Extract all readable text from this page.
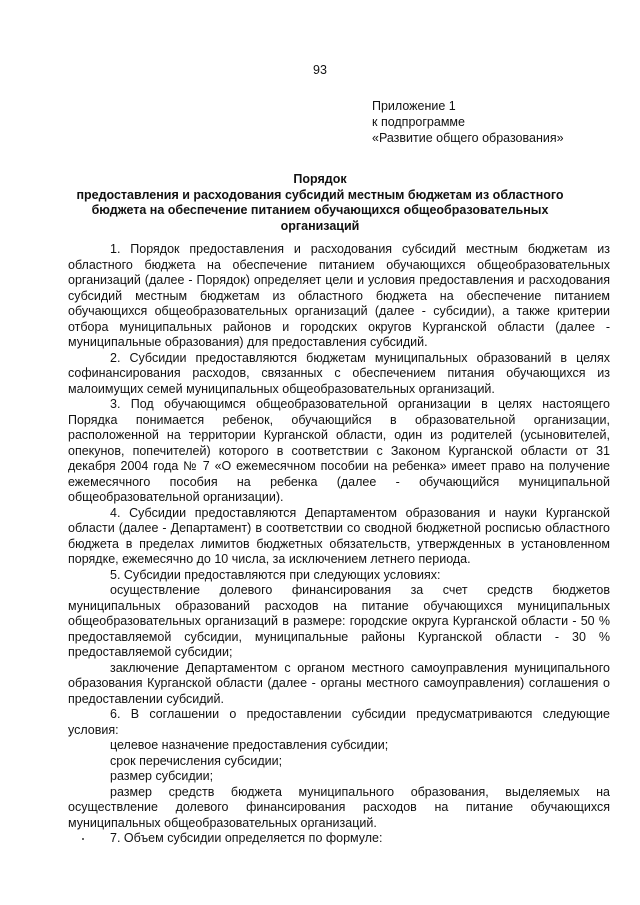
93
Приложение 1
к подпрограмме
«Развитие общего образования»
Порядок
предоставления и расходования субсидий местным бюджетам из областного бюджета на обеспечение питанием обучающихся общеобразовательных организаций

1. Порядок предоставления и расходования субсидий местным бюджетам из областного бюджета на обеспечение питанием обучающихся общеобразовательных организаций (далее - Порядок) определяет цели и условия предоставления и расходования субсидий местным бюджетам из областного бюджета на обеспечение питанием обучающихся общеобразовательных организаций (далее - субсидии), а также критерии отбора муниципальных районов и городских округов Курганской области (далее - муниципальные образования) для предоставления субсидий.

2. Субсидии предоставляются бюджетам муниципальных образований в целях софинансирования расходов, связанных с обеспечением питания обучающихся из малоимущих семей муниципальных общеобразовательных организаций.

3. Под обучающимся общеобразовательной организации в целях настоящего Порядка понимается ребенок, обучающийся в образовательной организации, расположенной на территории Курганской области, один из родителей (усыновителей, опекунов, попечителей) которого в соответствии с Законом Курганской области от 31 декабря 2004 года № 7 «О ежемесячном пособии на ребенка» имеет право на получение ежемесячного пособия на ребенка (далее - обучающийся муниципальной общеобразовательной организации).

4. Субсидии предоставляются Департаментом образования и науки Курганской области (далее - Департамент) в соответствии со сводной бюджетной росписью областного бюджета в пределах лимитов бюджетных обязательств, утвержденных в установленном порядке, ежемесячно до 10 числа, за исключением летнего периода.

5. Субсидии предоставляются при следующих условиях:

осуществление долевого финансирования за счет средств бюджетов муниципальных образований расходов на питание обучающихся муниципальных общеобразовательных организаций в размере: городские округа Курганской области - 50 % предоставляемой субсидии, муниципальные районы Курганской области - 30 % предоставляемой субсидии;

заключение Департаментом с органом местного самоуправления муниципального образования Курганской области (далее - органы местного самоуправления) соглашения о предоставлении субсидий.

6. В соглашении о предоставлении субсидии предусматриваются следующие условия:

целевое назначение предоставления субсидии;

срок перечисления субсидии;

размер субсидии;

размер средств бюджета муниципального образования, выделяемых на осуществление долевого финансирования расходов на питание обучающихся муниципальных общеобразовательных организаций.

7. Объем субсидии определяется по формуле:
